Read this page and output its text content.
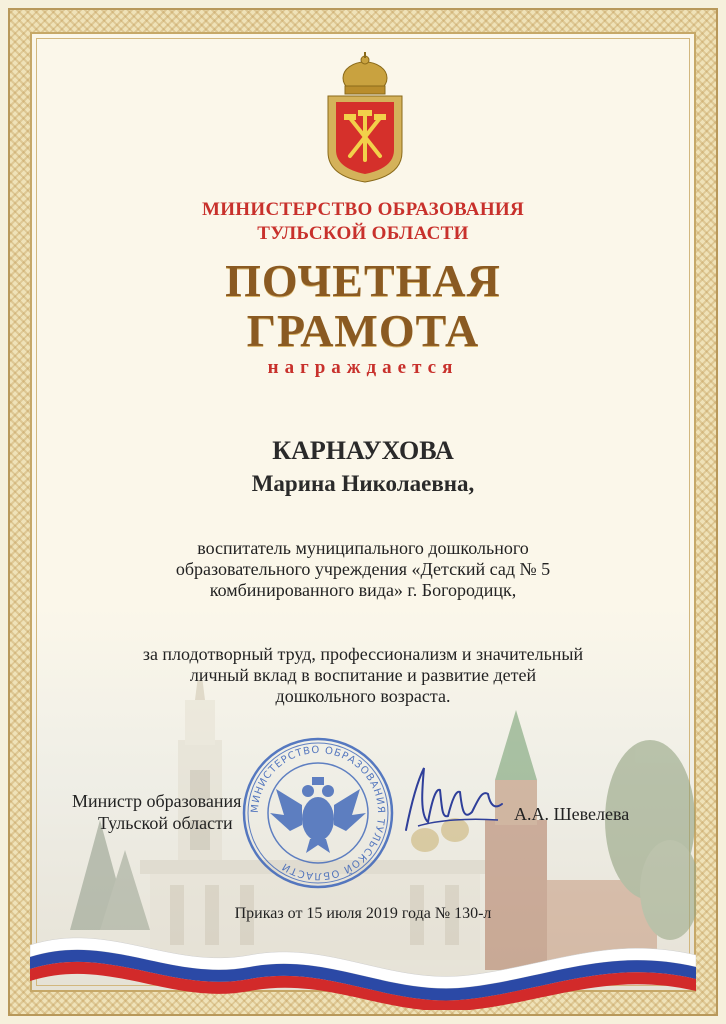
МИНИСТЕРСТВО ОБРАЗОВАНИЯ
ТУЛЬСКОЙ ОБЛАСТИ
ПОЧЕТНАЯ
ГРАМОТА
награждается
КАРНАУХОВА
Марина Николаевна,
воспитатель муниципального дошкольного
образовательного учреждения «Детский сад № 5
комбинированного вида» г. Богородицк,
за плодотворный труд, профессионализм и значительный
личный вклад в воспитание и развитие детей
дошкольного возраста.
МИНИСТЕРСТВО ОБРАЗОВАНИЯ ТУЛЬСКОЙ ОБЛАСТИ
Министр образования
Тульской области	А.А. Шевелева
Приказ от 15 июля 2019 года № 130-л
